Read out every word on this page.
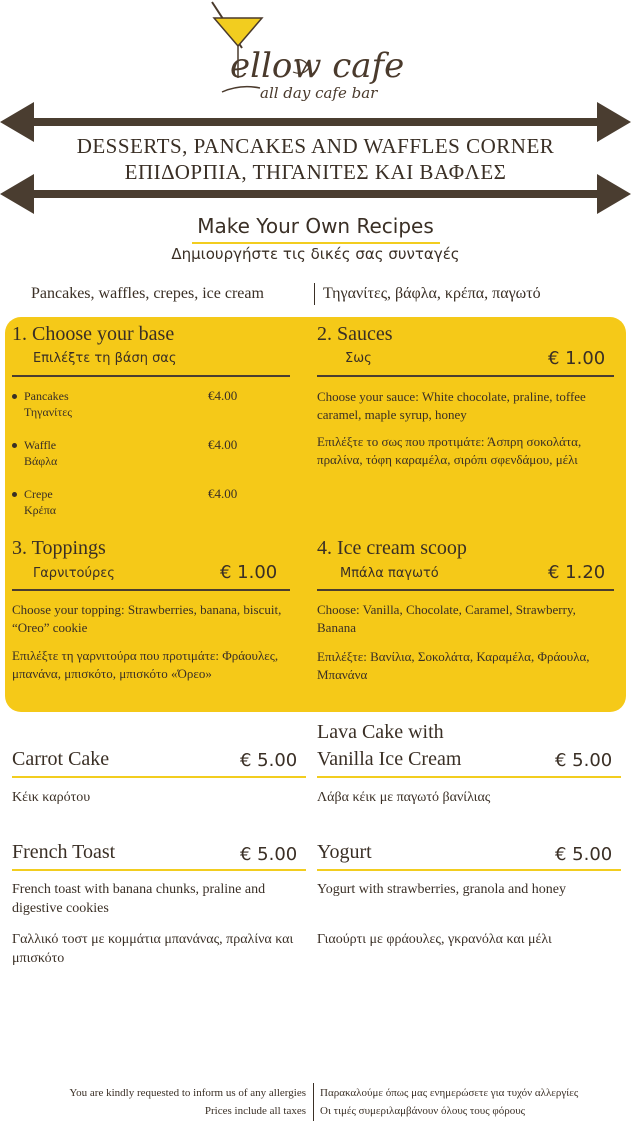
ellow cafe
all day cafe bar
DESSERTS, PANCAKES AND WAFFLES CORNER
ΕΠΙΔΟΡΠΙΑ, ΤΗΓΑΝΙΤΕΣ ΚΑΙ ΒΑΦΛΕΣ
Make Your Own Recipes
Δημιουργήστε τις δικές σας συνταγές
Pancakes, waffles, crepes, ice cream	Τηγανίτες, βάφλα, κρέπα, παγωτό
1. Choose your base
Επιλέξτε τη βάση σας
Pancakes
Τηγανίτες
€4.00
Waffle
Βάφλα
€4.00
Crepe
Κρέπα
€4.00
2. Sauces
Σως	€ 1.00
Choose your sauce: White chocolate, praline, toffee caramel, maple syrup, honey
Επιλέξτε το σως που προτιμάτε: Άσπρη σοκολάτα, πραλίνα, τόφη καραμέλα, σιρόπι σφενδάμου, μέλι
3. Toppings
Γαρνιτούρες	€ 1.00
Choose your topping: Strawberries, banana, biscuit, “Oreo” cookie
Επιλέξτε τη γαρνιτούρα που προτιμάτε: Φράουλες, μπανάνα, μπισκότο, μπισκότο «Όρεο»
4. Ice cream scoop
Μπάλα παγωτό	€ 1.20
Choose: Vanilla, Chocolate, Caramel, Strawberry, Banana
Επιλέξτε: Βανίλια, Σοκολάτα, Καραμέλα, Φράουλα, Μπανάνα
Carrot Cake	€ 5.00
Κέικ καρότου
Lava Cake with
Vanilla Ice Cream	€ 5.00
Λάβα κέικ με παγωτό βανίλιας
French Toast	€ 5.00
French toast with banana chunks, praline and digestive cookies
Γαλλικό τοστ με κομμάτια μπανάνας, πραλίνα και μπισκότο
Yogurt	€ 5.00
Yogurt with strawberries, granola and honey
Γιαούρτι με φράουλες, γκρανόλα και μέλι
You are kindly requested to inform us of any allergies
Prices include all taxes
Παρακαλούμε όπως μας ενημερώσετε για τυχόν αλλεργίες
Οι τιμές συμεριλαμβάνουν όλους τους φόρους
